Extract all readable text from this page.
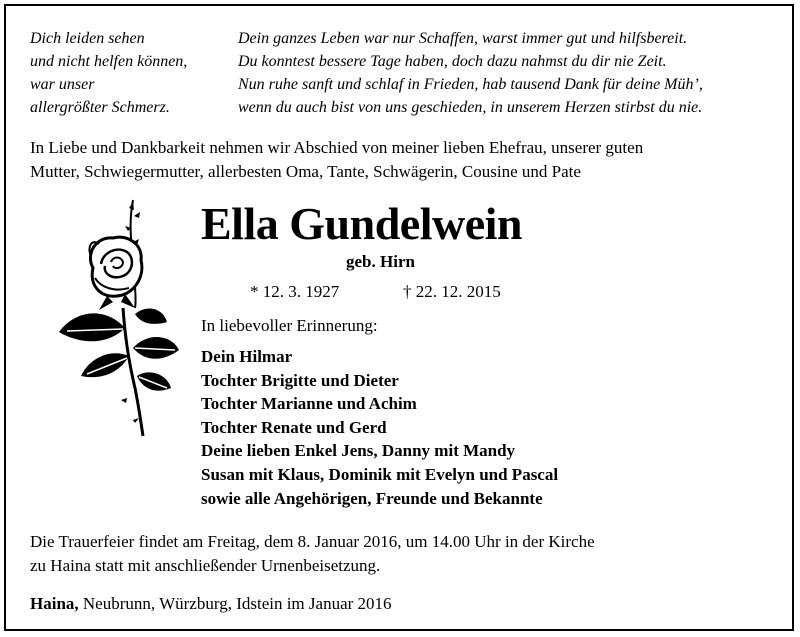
Dich leiden sehen
und nicht helfen können,
war unser
allergrößter Schmerz.
Dein ganzes Leben war nur Schaffen, warst immer gut und hilfsbereit.
Du konntest bessere Tage haben, doch dazu nahmst du dir nie Zeit.
Nun ruhe sanft und schlaf in Frieden, hab tausend Dank für deine Müh’,
wenn du auch bist von uns geschieden, in unserem Herzen stirbst du nie.
In Liebe und Dankbarkeit nehmen wir Abschied von meiner lieben Ehefrau, unserer guten
Mutter, Schwiegermutter, allerbesten Oma, Tante, Schwägerin, Cousine und Pate
Ella Gundelwein
geb. Hirn
* 12. 3. 1927	† 22. 12. 2015
In liebevoller Erinnerung:
Dein Hilmar
Tochter Brigitte und Dieter
Tochter Marianne und Achim
Tochter Renate und Gerd
Deine lieben Enkel Jens, Danny mit Mandy
Susan mit Klaus, Dominik mit Evelyn und Pascal
sowie alle Angehörigen, Freunde und Bekannte
Die Trauerfeier findet am Freitag, dem 8. Januar 2016, um 14.00 Uhr in der Kirche
zu Haina statt mit anschließender Urnenbeisetzung.
Haina, Neubrunn, Würzburg, Idstein im Januar 2016
